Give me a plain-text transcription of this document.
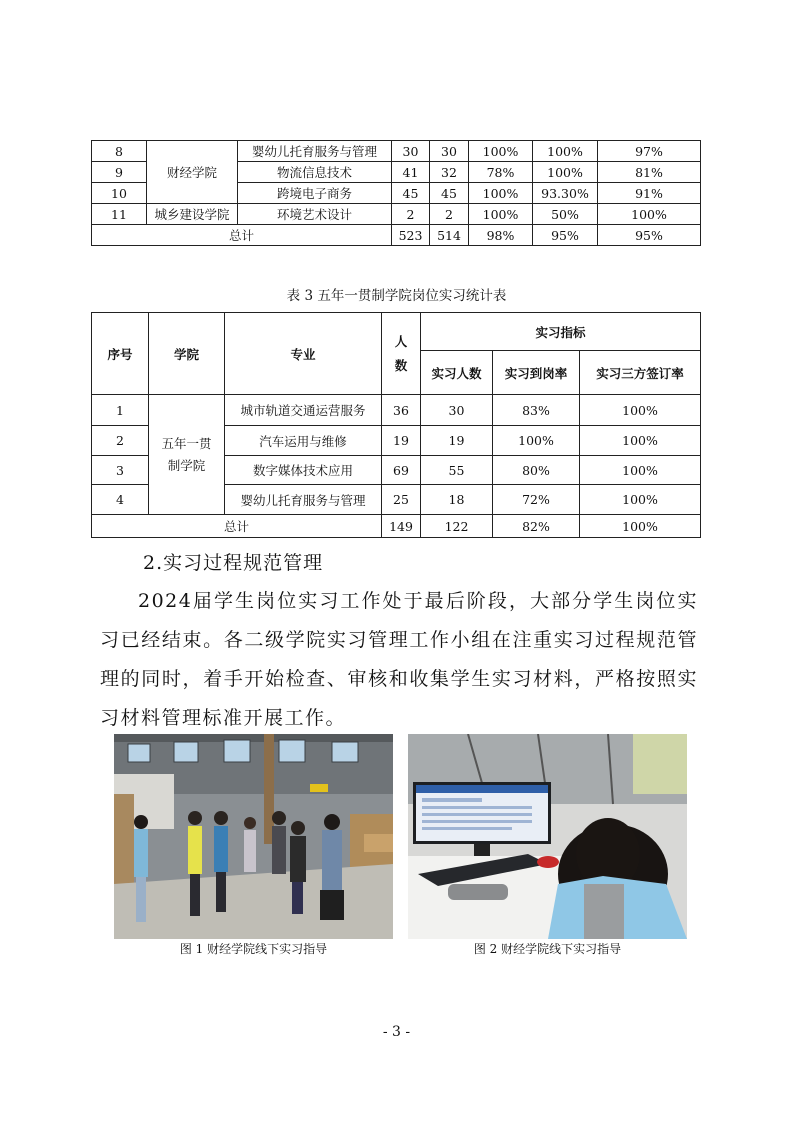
8	财经学院	婴幼儿托育服务与管理	30	30	100%	100%	97%
9		物流信息技术	41	32	78%	100%	81%
10		跨境电子商务	45	45	100%	93.30%	91%
11	城乡建设学院	环境艺术设计	2	2	100%	50%	100%
总计			523	514	98%	95%	95%
表 3 五年一贯制学院岗位实习统计表
序号	学院	专业	人数	实习指标		
				实习人数	实习到岗率	实习三方签订率
1	五年一贯制学院	城市轨道交通运营服务	36	30	83%	100%
2		汽车运用与维修	19	19	100%	100%
3		数字媒体技术应用	69	55	80%	100%
4		婴幼儿托育服务与管理	25	18	72%	100%
总计			149	122	82%	100%
2.实习过程规范管理
2024届学生岗位实习工作处于最后阶段，大部分学生岗位实习已经结束。各二级学院实习管理工作小组在注重实习过程规范管理的同时，着手开始检查、审核和收集学生实习材料，严格按照实习材料管理标准开展工作。
图 1 财经学院线下实习指导	图 2 财经学院线下实习指导
- 3 -
